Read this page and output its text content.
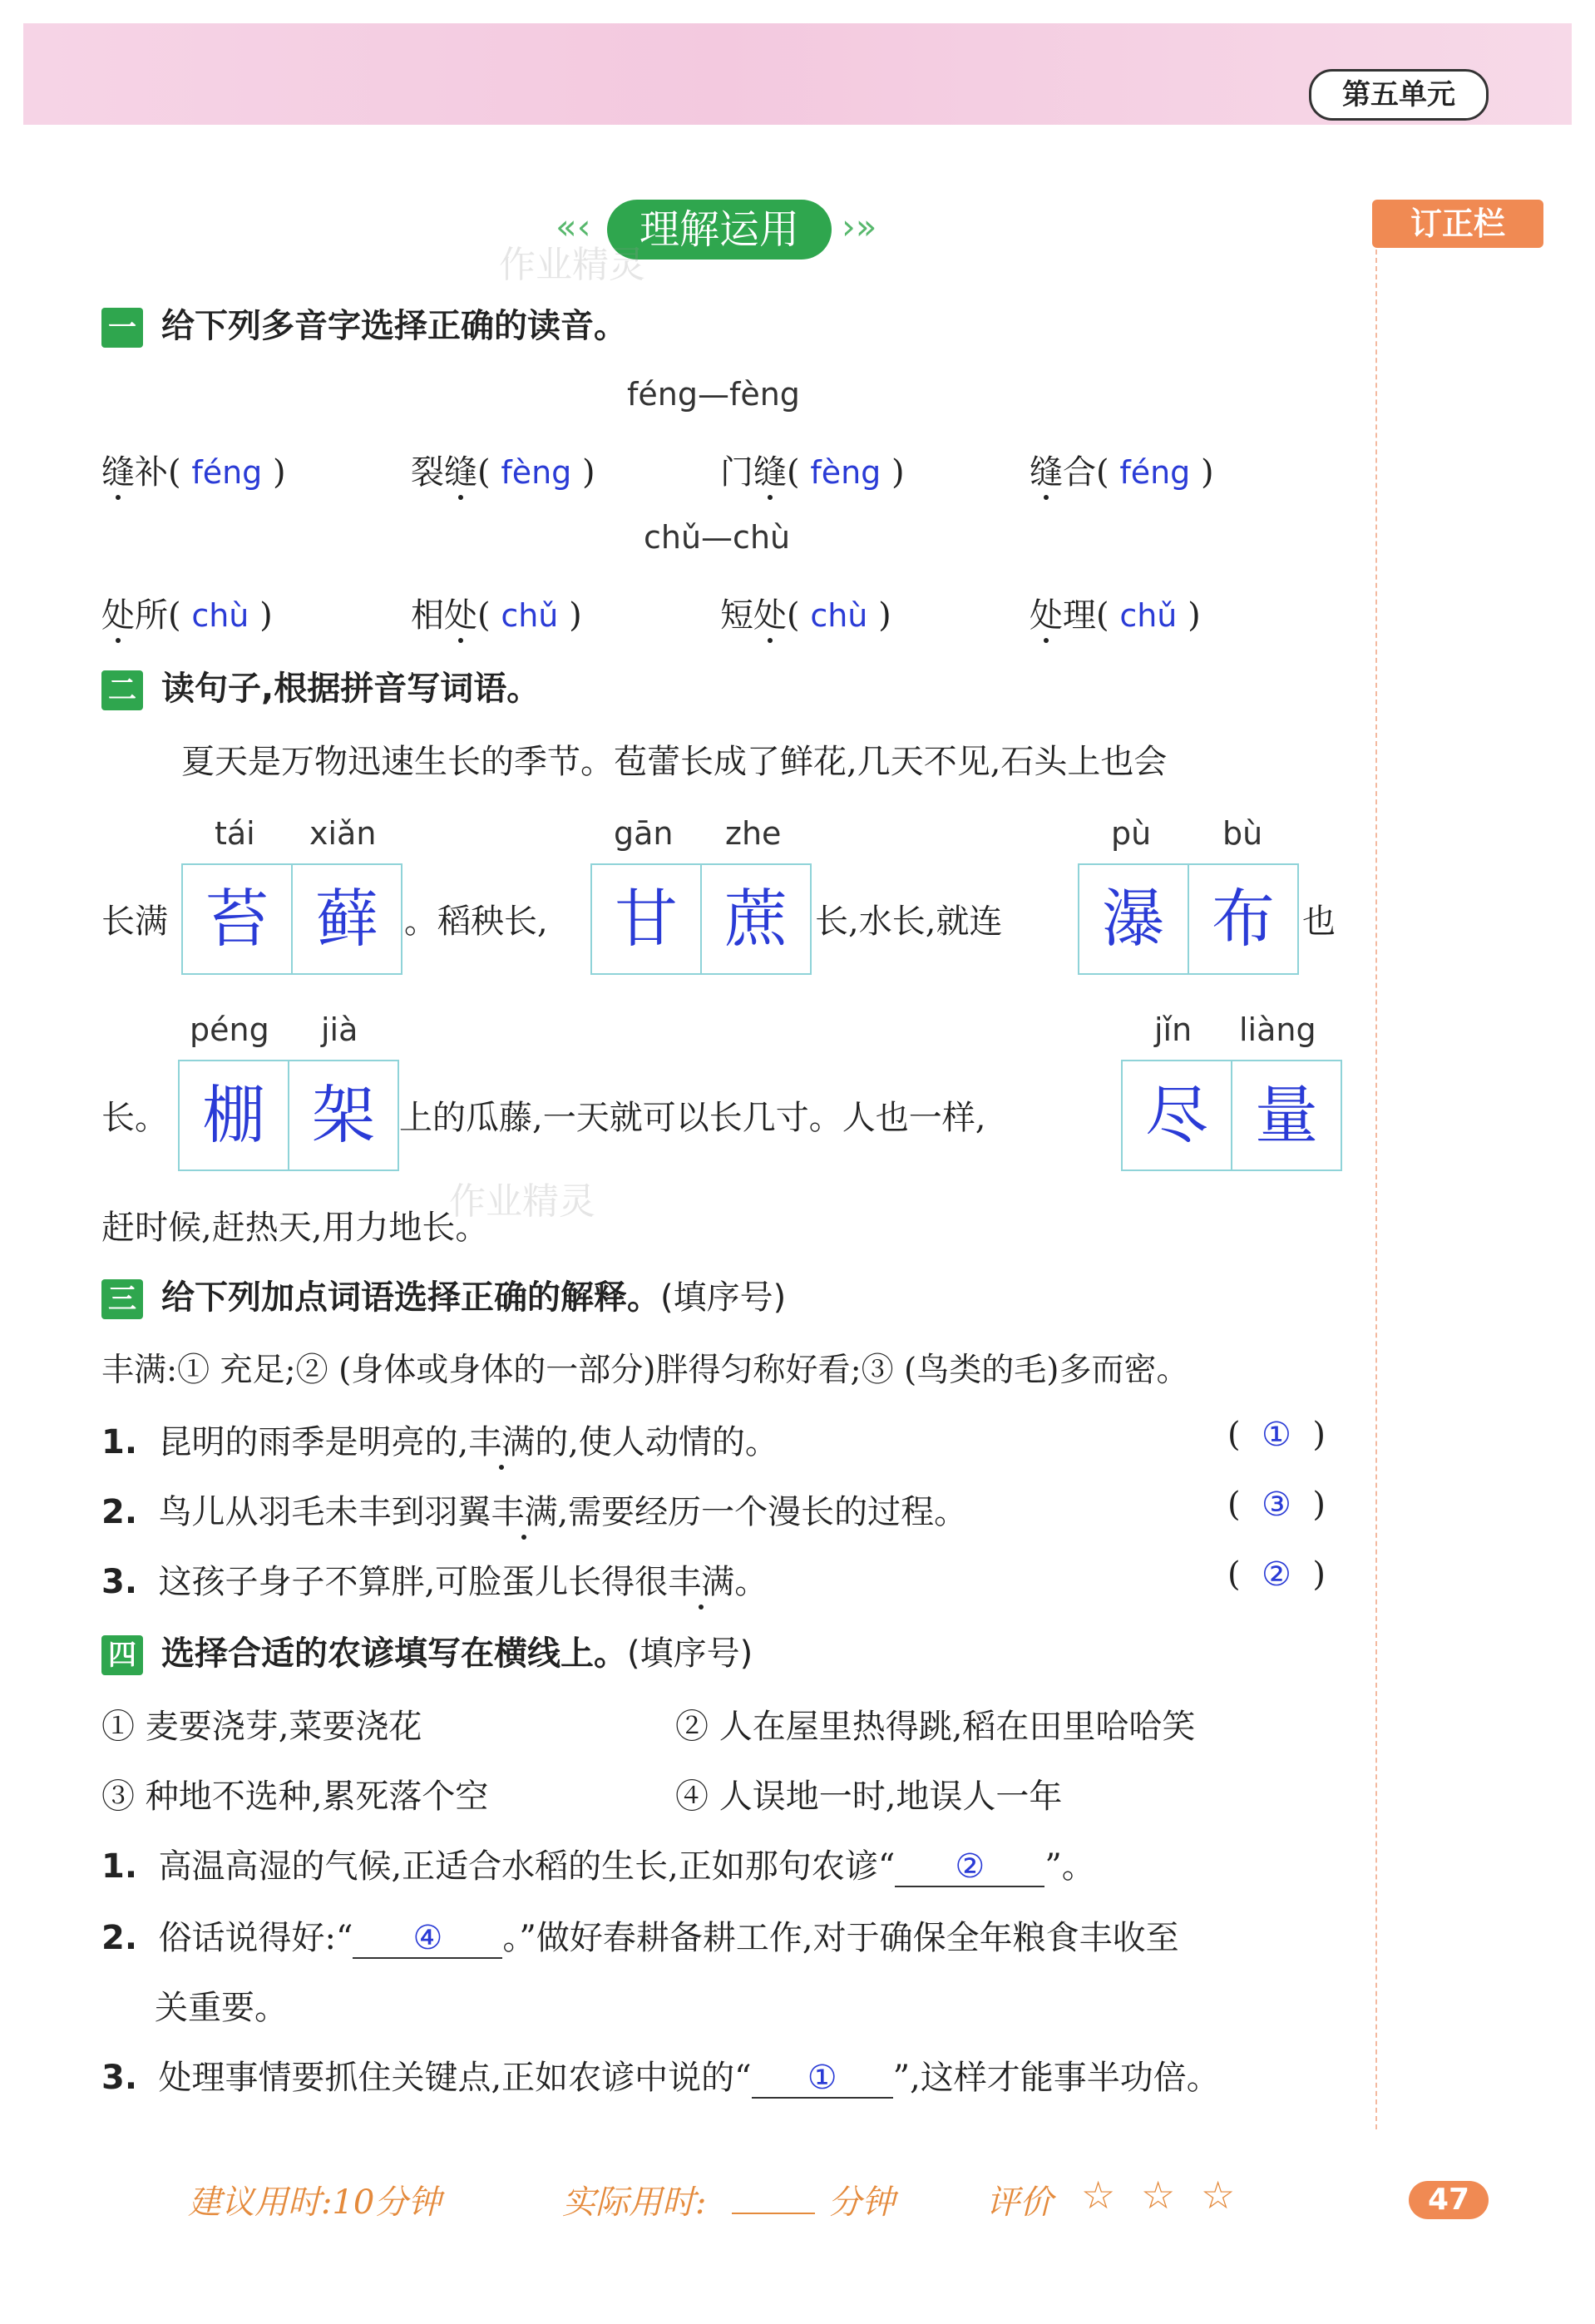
第五单元
«‹	理解运用	›»	订正栏
作业精灵
作业精灵
一 给下列多音字选择正确的读音。
féng—fèng
缝补( féng )	裂缝( fèng )	门缝( fèng )	缝合( féng )
chǔ—chù
处所( chù )	相处( chǔ )	短处( chù )	处理( chǔ )
二 读句子,根据拼音写词语。
夏天是万物迅速生长的季节。苞蕾长成了鲜花,几天不见,石头上也会
tái xiǎn	gān zhe	pù bù
长满 苔 藓 。稻秧长,	甘 蔗 长,水长,就连	瀑 布 也
péng jià	jǐn liàng
长。 棚 架 上的瓜藤,一天就可以长几寸。人也一样,	尽 量
赶时候,赶热天,用力地长。
三 给下列加点词语选择正确的解释。(填序号)
丰满:① 充足;② (身体或身体的一部分)胖得匀称好看;③ (鸟类的毛)多而密。
1. 昆明的雨季是明亮的,丰满的,使人动情的。	(  ①  )
2. 鸟儿从羽毛未丰到羽翼丰满,需要经历一个漫长的过程。	(  ③  )
3. 这孩子身子不算胖,可脸蛋儿长得很丰满。	(  ②  )
四 选择合适的农谚填写在横线上。(填序号)
① 麦要浇芽,菜要浇花	② 人在屋里热得跳,稻在田里哈哈笑
③ 种地不选种,累死落个空	④ 人误地一时,地误人一年
1. 高温高湿的气候,正适合水稻的生长,正如那句农谚“ ② ”。
2. 俗话说得好:“ ④ 。”做好春耕备耕工作,对于确保全年粮食丰收至
关重要。
3. 处理事情要抓住关键点,正如农谚中说的“ ① ”,这样才能事半功倍。
建议用时:10分钟	实际用时:	分钟	评价 ☆ ☆ ☆	47
